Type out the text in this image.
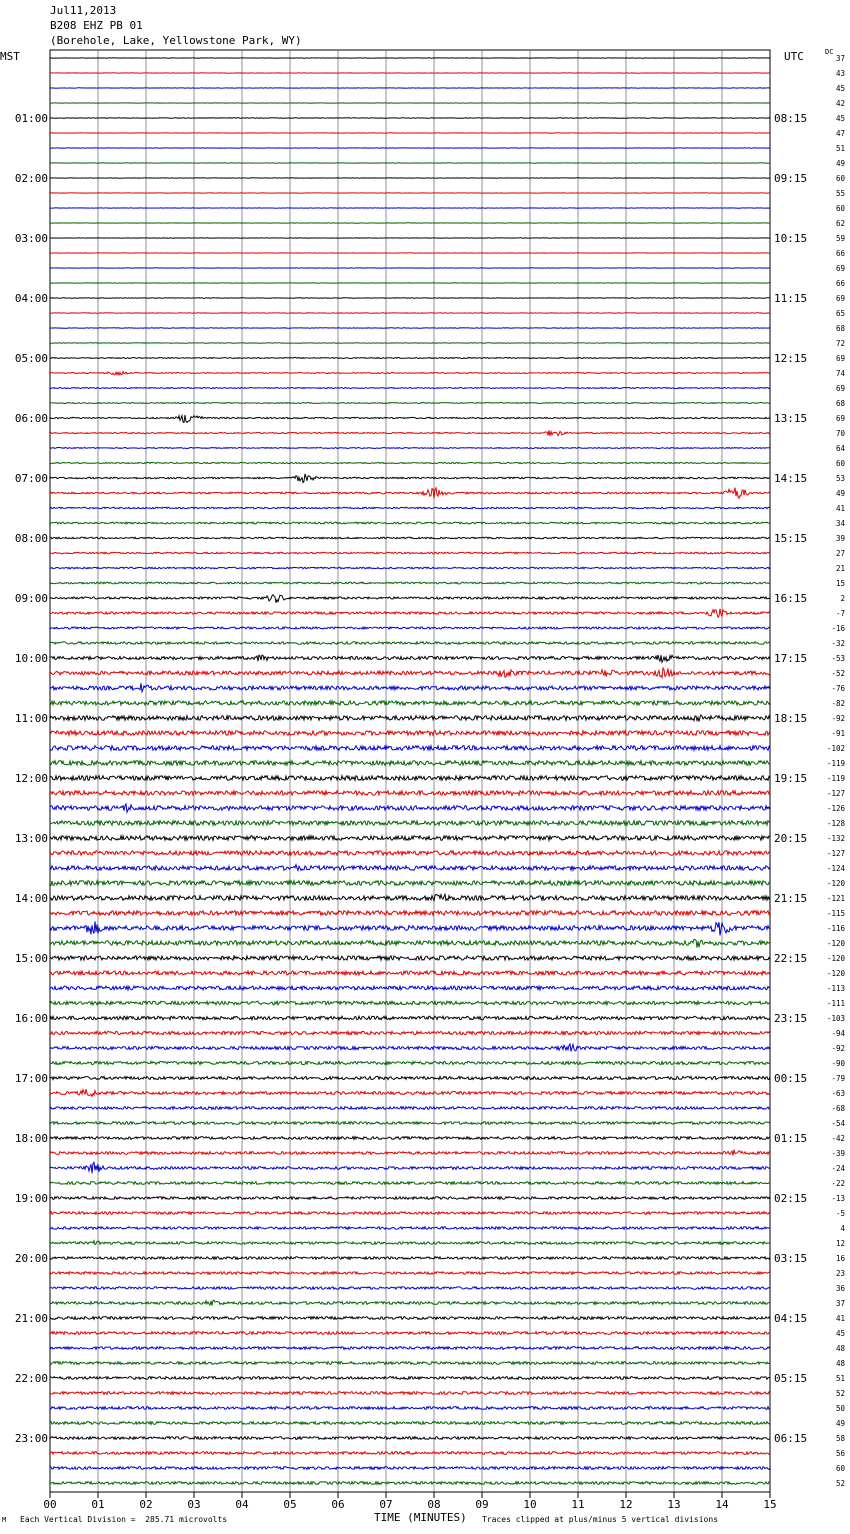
Jul11,2013
B208 EHZ PB 01
(Borehole, Lake, Yellowstone Park, WY)
MST	UTC	DC
01:00
02:00
03:00
04:00
05:00
06:00
07:00
08:00
09:00
10:00
11:00
12:00
13:00
14:00
15:00
16:00
17:00
18:00
19:00
20:00
21:00
22:00
23:00
08:15
09:15
10:15
11:15
12:15
13:15
14:15
15:15
16:15
17:15
18:15
19:15
20:15
21:15
22:15
23:15
00:15
01:15
02:15
03:15
04:15
05:15
06:15
37
43
45
42
45
47
51
49
60
55
60
62
59
66
69
66
69
65
68
72
69
74
69
68
69
70
64
60
53
49
41
34
39
27
21
15
2
-7
-16
-32
-53
-52
-76
-82
-92
-91
-102
-119
-119
-127
-126
-128
-132
-127
-124
-120
-121
-115
-116
-120
-120
-120
-113
-111
-103
-94
-92
-90
-79
-63
-68
-54
-42
-39
-24
-22
-13
-5
4
12
16
23
36
37
41
45
48
48
51
52
50
49
58
56
60
52
00	01	02	03	04	05	06	07	08	09	10	11	12	13	14	15
M Each Vertical Division =  285.71 microvolts	TIME (MINUTES) Traces clipped at plus/minus 5 vertical divisions
